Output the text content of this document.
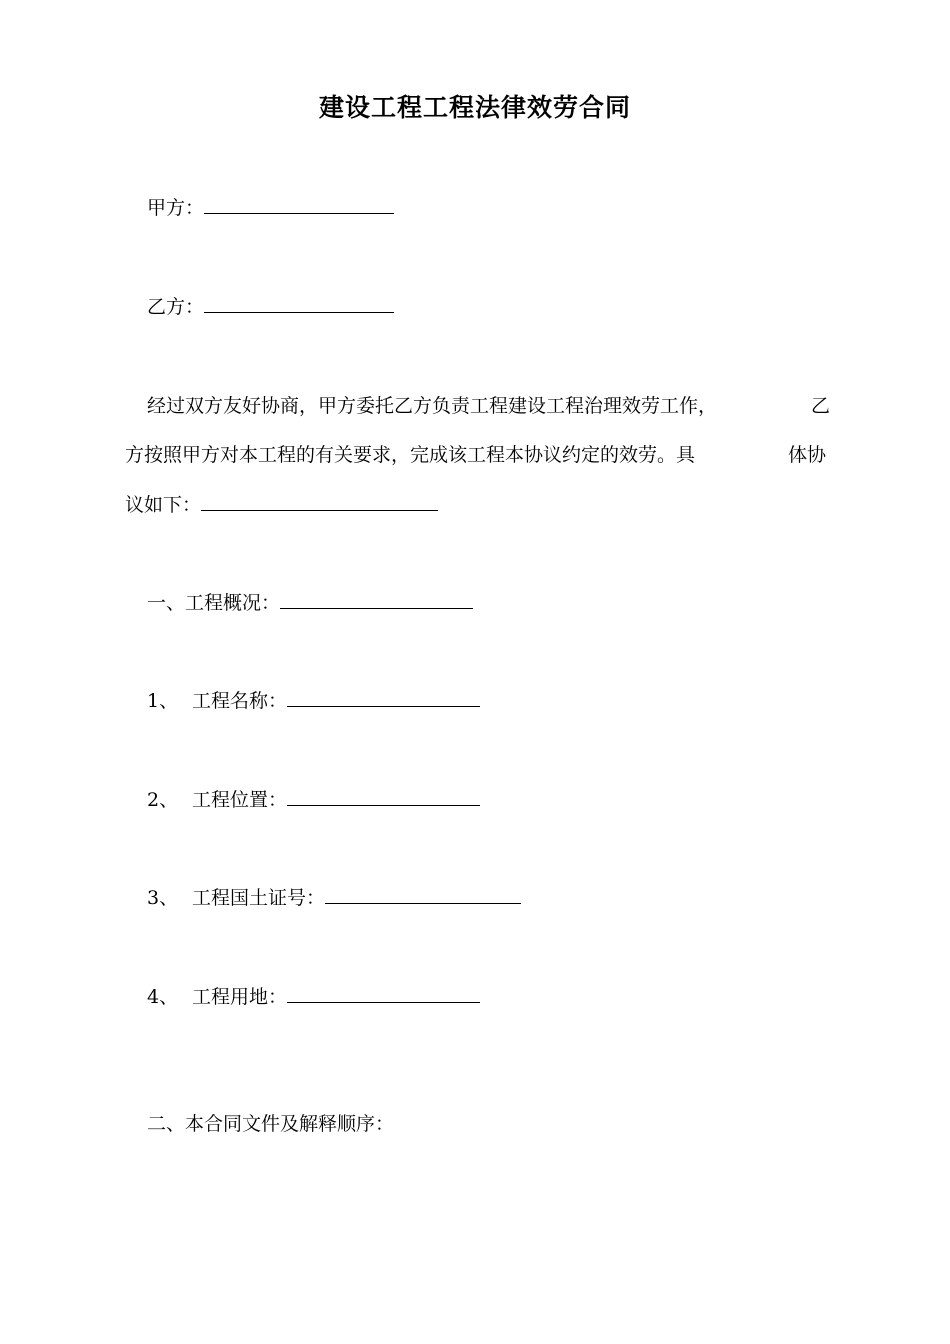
建设工程工程法律效劳合同
甲方：
乙方：
经过双方友好协商，甲方委托乙方负责工程建设工程治理效劳工作，	乙
方按照甲方对本工程的有关要求，完成该工程本协议约定的效劳。具	体协
议如下：
一、工程概况：
1、 工程名称：
2、 工程位置：
3、 工程国土证号：
4、 工程用地：
二、本合同文件及解释顺序：
